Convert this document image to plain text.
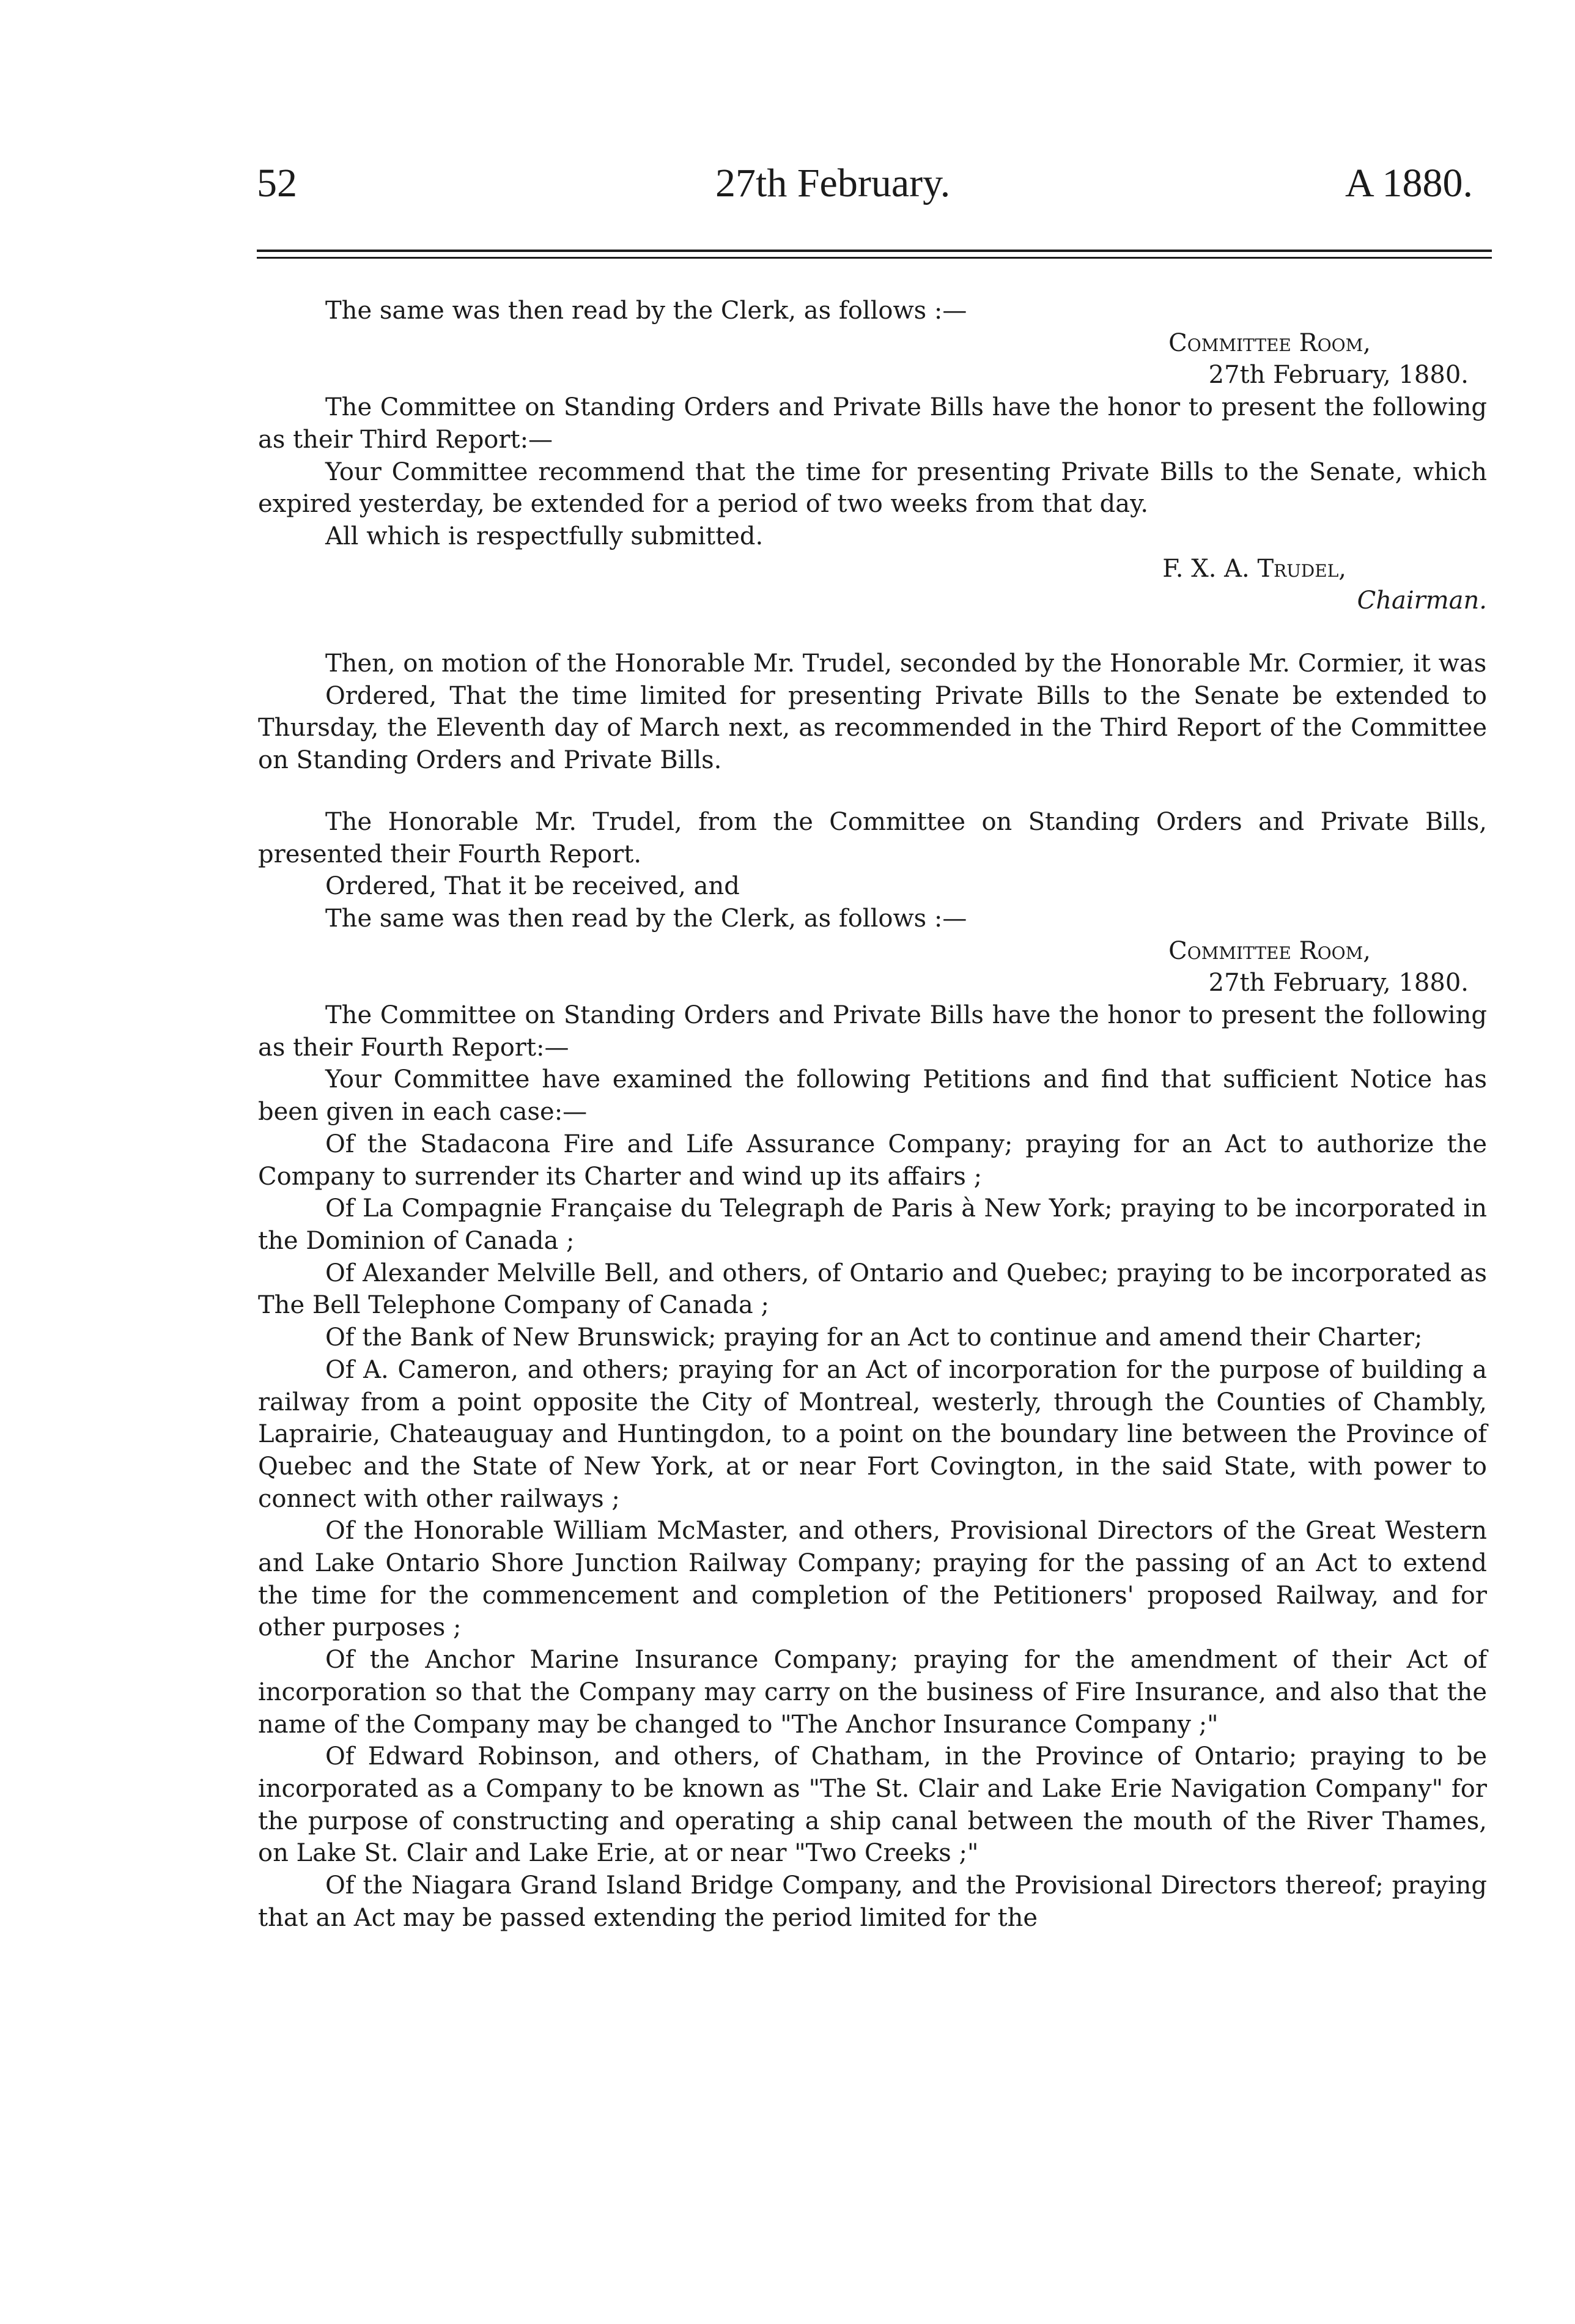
52	27th February.	A 1880.

The same was then read by the Clerk, as follows :—

Committee Room,

27th February, 1880.

The Committee on Standing Orders and Private Bills have the honor to present the following as their Third Report:—

Your Committee recommend that the time for presenting Private Bills to the Senate, which expired yesterday, be extended for a period of two weeks from that day.

All which is respectfully submitted.

F. X. A. Trudel,

Chairman.

Then, on motion of the Honorable Mr. Trudel, seconded by the Honorable Mr. Cormier, it was

Ordered, That the time limited for presenting Private Bills to the Senate be extended to Thursday, the Eleventh day of March next, as recommended in the Third Report of the Committee on Standing Orders and Private Bills.

The Honorable Mr. Trudel, from the Committee on Standing Orders and Private Bills, presented their Fourth Report.

Ordered, That it be received, and

The same was then read by the Clerk, as follows :—

Committee Room,

27th February, 1880.

The Committee on Standing Orders and Private Bills have the honor to present the following as their Fourth Report:—

Your Committee have examined the following Petitions and find that sufficient Notice has been given in each case:—

Of the Stadacona Fire and Life Assurance Company; praying for an Act to authorize the Company to surrender its Charter and wind up its affairs ;

Of La Compagnie Française du Telegraph de Paris à New York; praying to be incorporated in the Dominion of Canada ;

Of Alexander Melville Bell, and others, of Ontario and Quebec; praying to be incorporated as The Bell Telephone Company of Canada ;

Of the Bank of New Brunswick; praying for an Act to continue and amend their Charter;

Of A. Cameron, and others; praying for an Act of incorporation for the purpose of building a railway from a point opposite the City of Montreal, westerly, through the Counties of Chambly, Laprairie, Chateauguay and Huntingdon, to a point on the boundary line between the Province of Quebec and the State of New York, at or near Fort Covington, in the said State, with power to connect with other railways ;

Of the Honorable William McMaster, and others, Provisional Directors of the Great Western and Lake Ontario Shore Junction Railway Company; praying for the passing of an Act to extend the time for the commencement and completion of the Petitioners' proposed Railway, and for other purposes ;

Of the Anchor Marine Insurance Company; praying for the amendment of their Act of incorporation so that the Company may carry on the business of Fire Insurance, and also that the name of the Company may be changed to "The Anchor Insurance Company ;"

Of Edward Robinson, and others, of Chatham, in the Province of Ontario; praying to be incorporated as a Company to be known as "The St. Clair and Lake Erie Navigation Company" for the purpose of constructing and operating a ship canal between the mouth of the River Thames, on Lake St. Clair and Lake Erie, at or near "Two Creeks ;"

Of the Niagara Grand Island Bridge Company, and the Provisional Directors thereof; praying that an Act may be passed extending the period limited for the
